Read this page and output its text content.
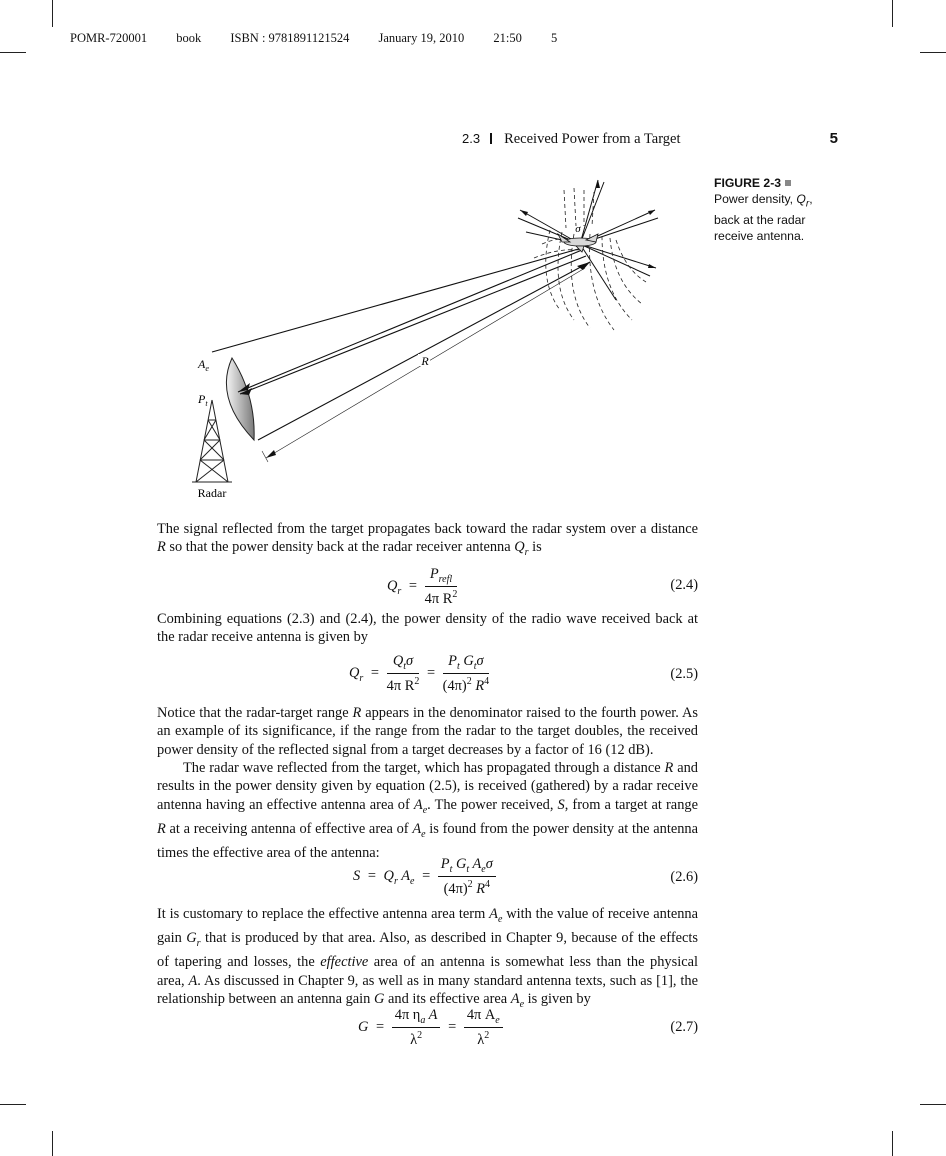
POMR-720001 book ISBN : 9781891121524 January 19, 2010 21:50 5
2.3 Received Power from a Target	5
FIGURE 2-3
Power density, $Q_r$, back at the radar receive antenna.
R
σ
$A_e$
$P_t$
Radar
The signal reflected from the target propagates back toward the radar system over a distance R so that the power density back at the radar receiver antenna $Q_r$ is
$Q_r = \frac{P_{refl}}{4\pi R^2}$	(2.4)
Combining equations (2.3) and (2.4), the power density of the radio wave received back at the radar receive antenna is given by
$Q_r = \frac{Q_t\sigma}{4\pi R^2} = \frac{P_t G_t\sigma}{(4\pi)^2 R^4}$	(2.5)
Notice that the radar-target range R appears in the denominator raised to the fourth power. As an example of its significance, if the range from the radar to the target doubles, the received power density of the reflected signal from a target decreases by a factor of 16 (12 dB).
The radar wave reflected from the target, which has propagated through a distance R and results in the power density given by equation (2.5), is received (gathered) by a radar receive antenna having an effective antenna area of $A_e$. The power received, S, from a target at range R at a receiving antenna of effective area of $A_e$ is found from the power density at the antenna times the effective area of the antenna:
$S = Q_r$ $A_e = \frac{P_t G_t A_e\sigma}{(4\pi)^2 R^4}$	(2.6)
It is customary to replace the effective antenna area term $A_e$ with the value of receive antenna gain $G_r$ that is produced by that area. Also, as described in Chapter 9, because of the effects of tapering and losses, the effective area of an antenna is somewhat less than the physical area, A. As discussed in Chapter 9, as well as in many standard antenna texts, such as [1], the relationship between an antenna gain G and its effective area $A_e$ is given by
$G = \frac{4\pi \eta_a A}{\lambda^2} = \frac{4\pi A_e}{\lambda^2}$	(2.7)
